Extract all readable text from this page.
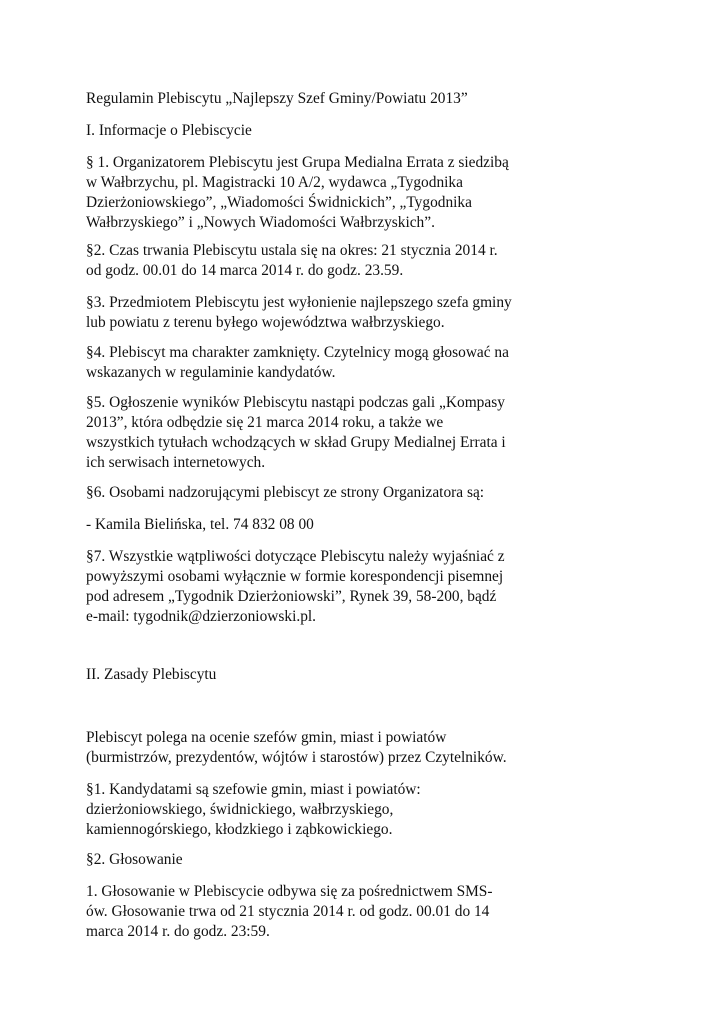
Regulamin Plebiscytu „Najlepszy Szef Gminy/Powiatu 2013”

I. Informacje o Plebiscycie

§ 1. Organizatorem Plebiscytu jest Grupa Medialna Errata z siedzibą

w Wałbrzychu, pl. Magistracki 10 A/2, wydawca „Tygodnika

Dzierżoniowskiego”, „Wiadomości Świdnickich”, „Tygodnika

Wałbrzyskiego” i „Nowych Wiadomości Wałbrzyskich”.

§2. Czas trwania Plebiscytu ustala się na okres: 21 stycznia 2014 r.

od godz. 00.01 do 14 marca 2014 r. do godz. 23.59.

§3. Przedmiotem Plebiscytu jest wyłonienie najlepszego szefa gminy

lub powiatu z terenu byłego województwa wałbrzyskiego.

§4. Plebiscyt ma charakter zamknięty. Czytelnicy mogą głosować na

wskazanych w regulaminie kandydatów.

§5. Ogłoszenie wyników Plebiscytu nastąpi podczas gali „Kompasy

2013”, która odbędzie się 21 marca 2014 roku, a także we

wszystkich tytułach wchodzących w skład Grupy Medialnej Errata i

ich serwisach internetowych.

§6. Osobami nadzorującymi plebiscyt ze strony Organizatora są:

- Kamila Bielińska, tel. 74 832 08 00

§7. Wszystkie wątpliwości dotyczące Plebiscytu należy wyjaśniać z

powyższymi osobami wyłącznie w formie korespondencji pisemnej

pod adresem „Tygodnik Dzierżoniowski”, Rynek 39, 58-200, bądź

e-mail: tygodnik@dzierzoniowski.pl.

II. Zasady Plebiscytu

Plebiscyt polega na ocenie szefów gmin, miast i powiatów

(burmistrzów, prezydentów, wójtów i starostów) przez Czytelników.

§1. Kandydatami są szefowie gmin, miast i powiatów:

dzierżoniowskiego, świdnickiego, wałbrzyskiego,

kamiennogórskiego, kłodzkiego i ząbkowickiego.

§2. Głosowanie

1. Głosowanie w Plebiscycie odbywa się za pośrednictwem SMS-

ów. Głosowanie trwa od 21 stycznia 2014 r. od godz. 00.01 do 14

marca 2014 r. do godz. 23:59.
